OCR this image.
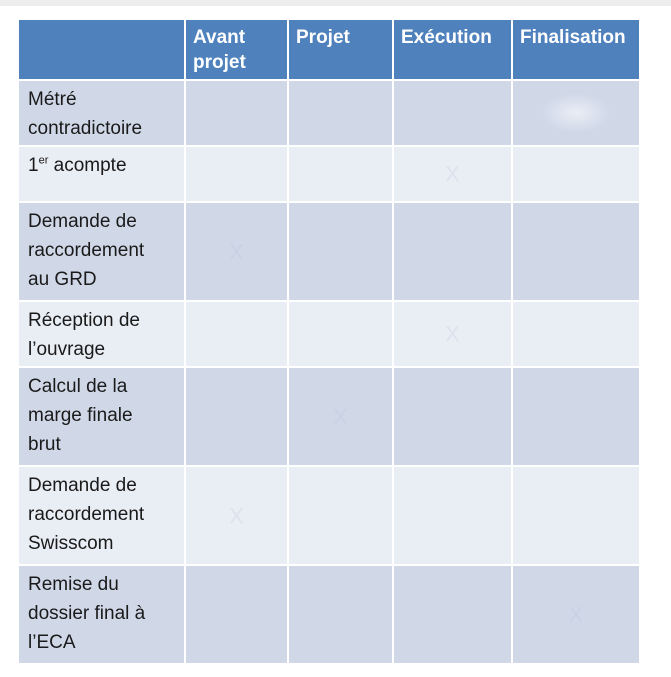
	Avant
projet	Projet	Exécution	Finalisation
Métré
contradictoire	

1er acompte			X	

Demande de
raccordement
au GRD	X			

Réception de
l’ouvrage			X	

Calcul de la
marge finale
brut		X		

Demande de
raccordement
Swisscom	X			

Remise du
dossier final à
l’ECA				X
